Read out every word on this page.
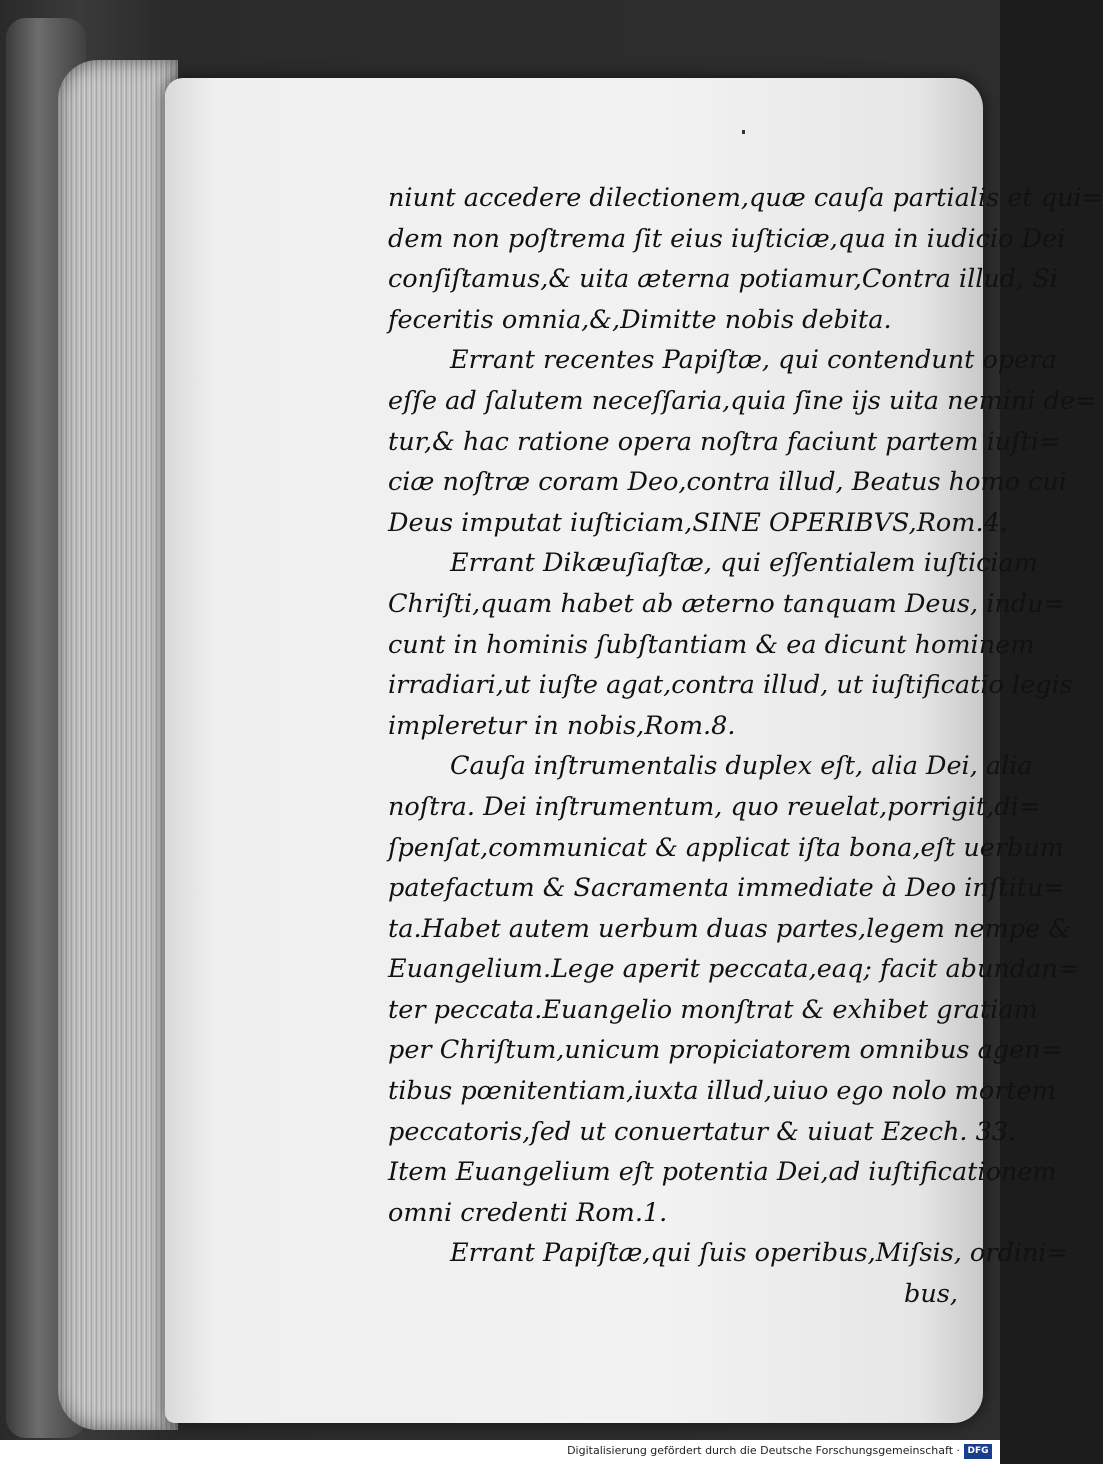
niunt accedere dilectionem,quæ cauſa partialis et qui=
dem non poſtrema ſit eius iuſticiæ,qua in iudicio Dei
conſiſtamus,& uita æterna potiamur,Contra illud, Si
feceritis omnia,&,Dimitte nobis debita.
Errant recentes Papiſtæ, qui contendunt opera
eſſe ad ſalutem neceſſaria,quia ſine ijs uita nemini de=
tur,& hac ratione opera noſtra faciunt partem iuſti=
ciæ noſtræ coram Deo,contra illud, Beatus homo cui
Deus imputat iuſticiam,SINE OPERIBVS,Rom.4.
Errant Dikæuſiaſtæ, qui eſſentialem iuſticiam
Chriſti,quam habet ab æterno tanquam Deus, indu=
cunt in hominis ſubſtantiam & ea dicunt hominem
irradiari,ut iuſte agat,contra illud, ut iuſtificatio legis
impleretur in nobis,Rom.8.
Cauſa inſtrumentalis duplex eſt, alia Dei, alia
noſtra. Dei inſtrumentum, quo reuelat,porrigit,di=
ſpenſat,communicat & applicat iſta bona,eſt uerbum
patefactum & Sacramenta immediate à Deo inſtitu=
ta.Habet autem uerbum duas partes,legem nempe &
Euangelium.Lege aperit peccata,eaq; facit abundan=
ter peccata.Euangelio monſtrat & exhibet gratiam
per Chriſtum,unicum propiciatorem omnibus agen=
tibus pœnitentiam,iuxta illud,uiuo ego nolo mortem
peccatoris,ſed ut conuertatur & uiuat Ezech. 33.
Item Euangelium eſt potentia Dei,ad iuſtificationem
omni credenti Rom.1.
Errant Papiſtæ,qui ſuis operibus,Miſsis, ordini=
bus,
Digitalisierung gefördert durch die Deutsche Forschungsgemeinschaft · DFG
